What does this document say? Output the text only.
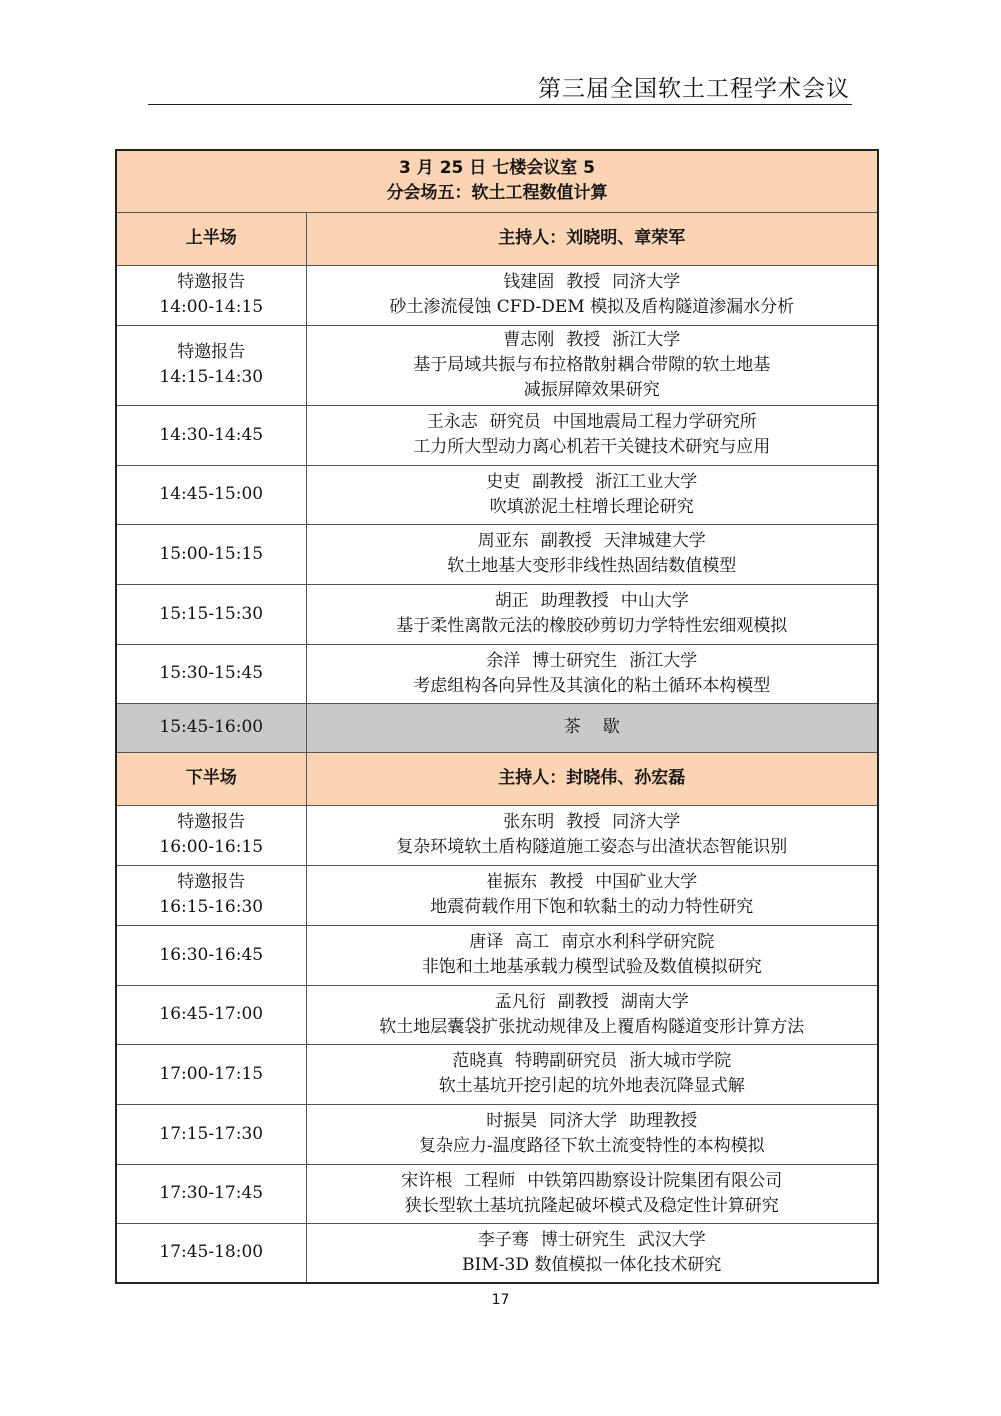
第三届全国软土工程学术会议
3 月 25 日 七楼会议室 5
分会场五：软土工程数值计算	

上半场	主持人：刘晓明、章荣军

特邀报告
14:00-14:15	钱建固 教授 同济大学
砂土渗流侵蚀 CFD-DEM 模拟及盾构隧道渗漏水分析

特邀报告
14:15-14:30	曹志刚 教授 浙江大学
基于局域共振与布拉格散射耦合带隙的软土地基
减振屏障效果研究

14:30-14:45	王永志 研究员 中国地震局工程力学研究所
工力所大型动力离心机若干关键技术研究与应用

14:45-15:00	史吏 副教授 浙江工业大学
吹填淤泥土柱增长理论研究

15:00-15:15	周亚东 副教授 天津城建大学
软土地基大变形非线性热固结数值模型

15:15-15:30	胡正 助理教授 中山大学
基于柔性离散元法的橡胶砂剪切力学特性宏细观模拟

15:30-15:45	余洋 博士研究生 浙江大学
考虑组构各向异性及其演化的粘土循环本构模型

15:45-16:00	茶歇
下半场	主持人：封晓伟、孙宏磊

特邀报告
16:00-16:15	张东明 教授 同济大学
复杂环境软土盾构隧道施工姿态与出渣状态智能识别

特邀报告
16:15-16:30	崔振东 教授 中国矿业大学
地震荷载作用下饱和软黏土的动力特性研究

16:30-16:45	唐译 高工 南京水利科学研究院
非饱和土地基承载力模型试验及数值模拟研究

16:45-17:00	孟凡衍 副教授 湖南大学
软土地层囊袋扩张扰动规律及上覆盾构隧道变形计算方法

17:00-17:15	范晓真 特聘副研究员 浙大城市学院
软土基坑开挖引起的坑外地表沉降显式解

17:15-17:30	时振昊 同济大学 助理教授
复杂应力-温度路径下软土流变特性的本构模拟

17:30-17:45	宋许根 工程师 中铁第四勘察设计院集团有限公司
狭长型软土基坑抗隆起破坏模式及稳定性计算研究

17:45-18:00	李子骞 博士研究生 武汉大学
BIM-3D 数值模拟一体化技术研究
17
